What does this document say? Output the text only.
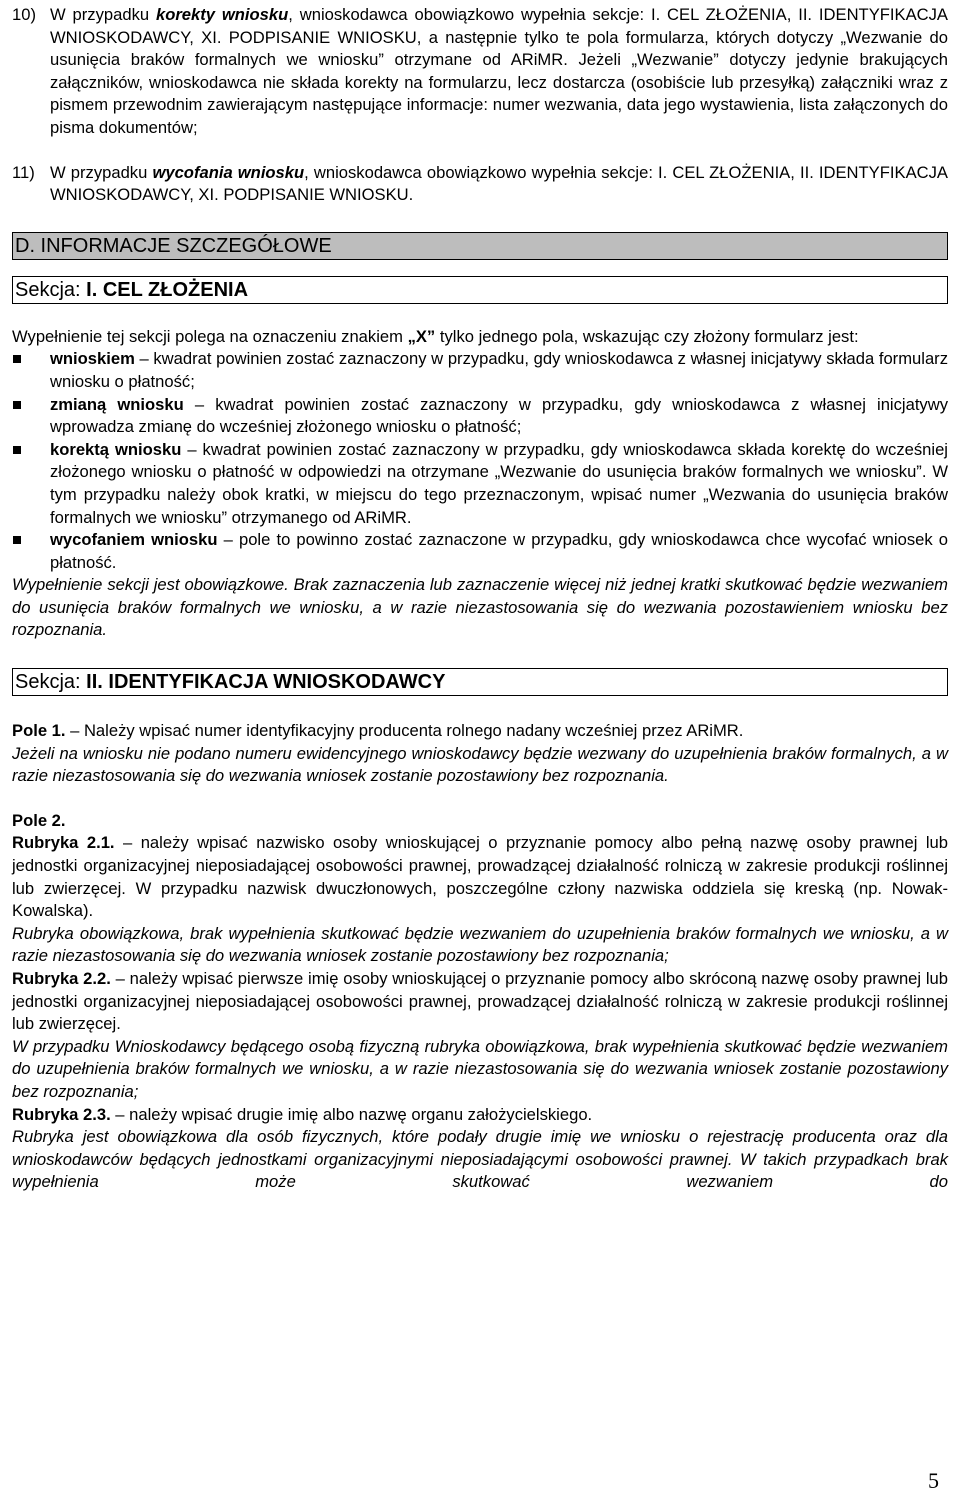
10) W przypadku korekty wniosku, wnioskodawca obowiązkowo wypełnia sekcje: I. CEL ZŁOŻENIA, II. IDENTYFIKACJA WNIOSKODAWCY, XI. PODPISANIE WNIOSKU, a następnie tylko te pola formularza, których dotyczy „Wezwanie do usunięcia braków formalnych we wniosku” otrzymane od ARiMR. Jeżeli „Wezwanie” dotyczy jedynie brakujących załączników, wnioskodawca nie składa korekty na formularzu, lecz dostarcza (osobiście lub przesyłką) załączniki wraz z pismem przewodnim zawierającym następujące informacje: numer wezwania, data jego wystawienia, lista załączonych do pisma dokumentów;

11) W przypadku wycofania wniosku, wnioskodawca obowiązkowo wypełnia sekcje: I. CEL ZŁOŻENIA, II. IDENTYFIKACJA WNIOSKODAWCY, XI. PODPISANIE WNIOSKU.

D. INFORMACJE SZCZEGÓŁOWE
Sekcja: I. CEL ZŁOŻENIA

Wypełnienie tej sekcji polega na oznaczeniu znakiem „X” tylko jednego pola, wskazując czy złożony formularz jest:

wnioskiem – kwadrat powinien zostać zaznaczony w przypadku, gdy wnioskodawca z własnej inicjatywy składa formularz wniosku o płatność;

zmianą wniosku – kwadrat powinien zostać zaznaczony w przypadku, gdy wnioskodawca z własnej inicjatywy wprowadza zmianę do wcześniej złożonego wniosku o płatność;

korektą wniosku – kwadrat powinien zostać zaznaczony w przypadku, gdy wnioskodawca składa korektę do wcześniej złożonego wniosku o płatność w odpowiedzi na otrzymane „Wezwanie do usunięcia braków formalnych we wniosku”. W tym przypadku należy obok kratki, w miejscu do tego przeznaczonym, wpisać numer „Wezwania do usunięcia braków formalnych we wniosku” otrzymanego od ARiMR.

wycofaniem wniosku – pole to powinno zostać zaznaczone w przypadku, gdy wnioskodawca chce wycofać wniosek o płatność.

Wypełnienie sekcji jest obowiązkowe. Brak zaznaczenia lub zaznaczenie więcej niż jednej kratki skutkować będzie wezwaniem do usunięcia braków formalnych we wniosku, a w razie niezastosowania się do wezwania pozostawieniem wniosku bez rozpoznania.

Sekcja: II. IDENTYFIKACJA WNIOSKODAWCY

Pole 1. – Należy wpisać numer identyfikacyjny producenta rolnego nadany wcześniej przez ARiMR.

Jeżeli na wniosku nie podano numeru ewidencyjnego wnioskodawcy będzie wezwany do uzupełnienia braków formalnych, a w razie niezastosowania się do wezwania wniosek zostanie pozostawiony bez rozpoznania.

Pole 2.

Rubryka 2.1. – należy wpisać nazwisko osoby wnioskującej o przyznanie pomocy albo pełną nazwę osoby prawnej lub jednostki organizacyjnej nieposiadającej osobowości prawnej, prowadzącej działalność rolniczą w zakresie produkcji roślinnej lub zwierzęcej. W przypadku nazwisk dwuczłonowych, poszczególne człony nazwiska oddziela się kreską (np. Nowak-Kowalska).

Rubryka obowiązkowa, brak wypełnienia skutkować będzie wezwaniem do uzupełnienia braków formalnych we wniosku, a w razie niezastosowania się do wezwania wniosek zostanie pozostawiony bez rozpoznania;

Rubryka 2.2. – należy wpisać pierwsze imię osoby wnioskującej o przyznanie pomocy albo skróconą nazwę osoby prawnej lub jednostki organizacyjnej nieposiadającej osobowości prawnej, prowadzącej działalność rolniczą w zakresie produkcji roślinnej lub zwierzęcej.

W przypadku Wnioskodawcy będącego osobą fizyczną rubryka obowiązkowa, brak wypełnienia skutkować będzie wezwaniem do uzupełnienia braków formalnych we wniosku, a w razie niezastosowania się do wezwania wniosek zostanie pozostawiony bez rozpoznania;

Rubryka 2.3. – należy wpisać drugie imię albo nazwę organu założycielskiego.

Rubryka jest obowiązkowa dla osób fizycznych, które podały drugie imię we wniosku o rejestrację producenta oraz dla wnioskodawców będących jednostkami organizacyjnymi nieposiadającymi osobowości prawnej. W takich przypadkach brak wypełnienia może skutkować wezwaniem do

5
